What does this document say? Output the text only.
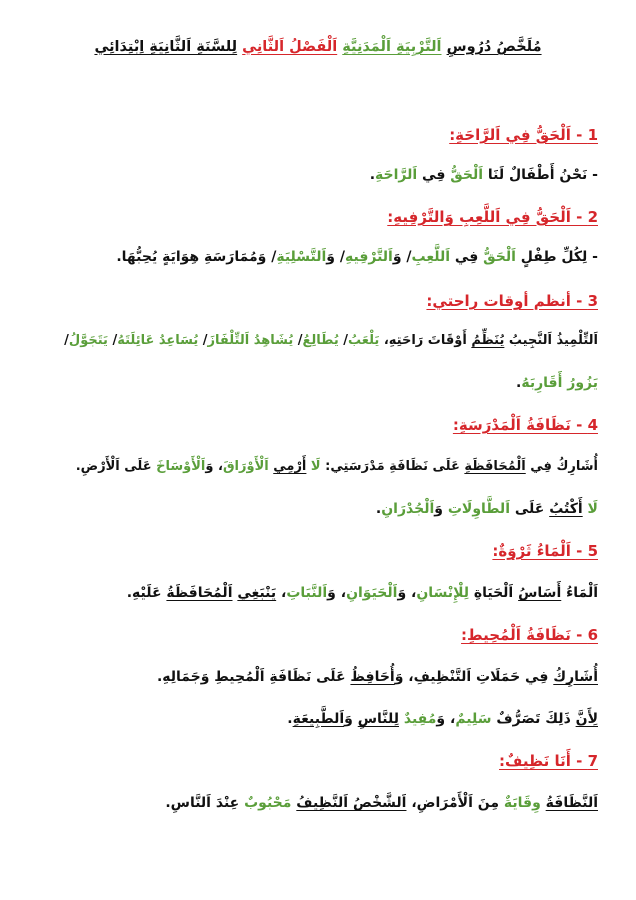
مُلَخَّصُ دُرُوسِ اَلتَّرْبِيَةِ اَلْمَدَنِيَّةِ اَلْفَصْلُ اَلثَّانِي لِلسَّنَةِ اَلثَّانِيَةِ اِبْتِدَائِي
1 - اَلْحَقُّ فِي اَلرَّاحَةِ:
- نَحْنُ أَطْفَالٌ لَنَا اَلْحَقُّ فِي اَلرَّاحَةِ.
2 - اَلْحَقُّ فِي اَللَّعِبِ وَالتَّرْفِيهِ:
- لِكُلِّ طِفْلٍ اَلْحَقُّ فِي اَللَّعِبِ/ وَاَلتَّرْفِيهِ/ وَاَلتَّسْلِيَةِ/ وَمُمَارَسَةِ هِوَايَةٍ يُحِبُّهَا.
3 - أنظم أوقات راحتي:
اَلتِّلْمِيذُ اَلنَّجِيبُ يُنَظِّمُ أَوْقَاتَ رَاحَتِهِ، يَلْعَبُ/ يُطَالِعُ/ يُشَاهِدُ اَلتِّلْفَازَ/ يُسَاعِدُ عَائِلَتَهُ/ يَتَجَوَّلُ/
يَزُورُ أَقَارِبَهُ.
4 - نَظَافَةُ اَلْمَدْرَسَةِ:
أُشَارِكُ فِي اَلْمُحَافَظَةِ عَلَى نَظَافَةِ مَدْرَسَتِي: لَا أَرْمِي اَلْأَوْرَاقَ، وَاَلْأَوْسَاخَ عَلَى اَلْأَرْضِ.
لَا أَكْتُبُ عَلَى اَلطَّاوِلَاتِ وَاَلْجُدْرَانِ.
5 - اَلْمَاءُ ثَرْوَةٌ:
اَلْمَاءُ أَسَاسُ اَلْحَيَاةِ لِلْإِنْسَانِ، وَاَلْحَيَوَانِ، وَاَلنَّبَاتِ، يَنْبَغِي اَلْمُحَافَظَةُ عَلَيْهِ.
6 - نَظَافَةُ اَلْمُحِيطِ:
أُشَارِكُ فِي حَمَلَاتِ اَلتَّنْظِيفِ، وَأُحَافِظُ عَلَى نَظَافَةِ اَلْمُحِيطِ وَجَمَالِهِ.
لِأَنَّ ذَلِكَ تَصَرُّفٌ سَلِيمٌ، وَمُفِيدٌ لِلنَّاسِ وَاَلطَّبِيعَةِ.
7 - أَنَا نَظِيفٌ:
اَلنَّظَافَةُ وِقَايَةٌ مِنَ اَلْأَمْرَاضِ، اَلشَّخْصُ اَلنَّظِيفُ مَحْبُوبٌ عِنْدَ اَلنَّاسِ.
